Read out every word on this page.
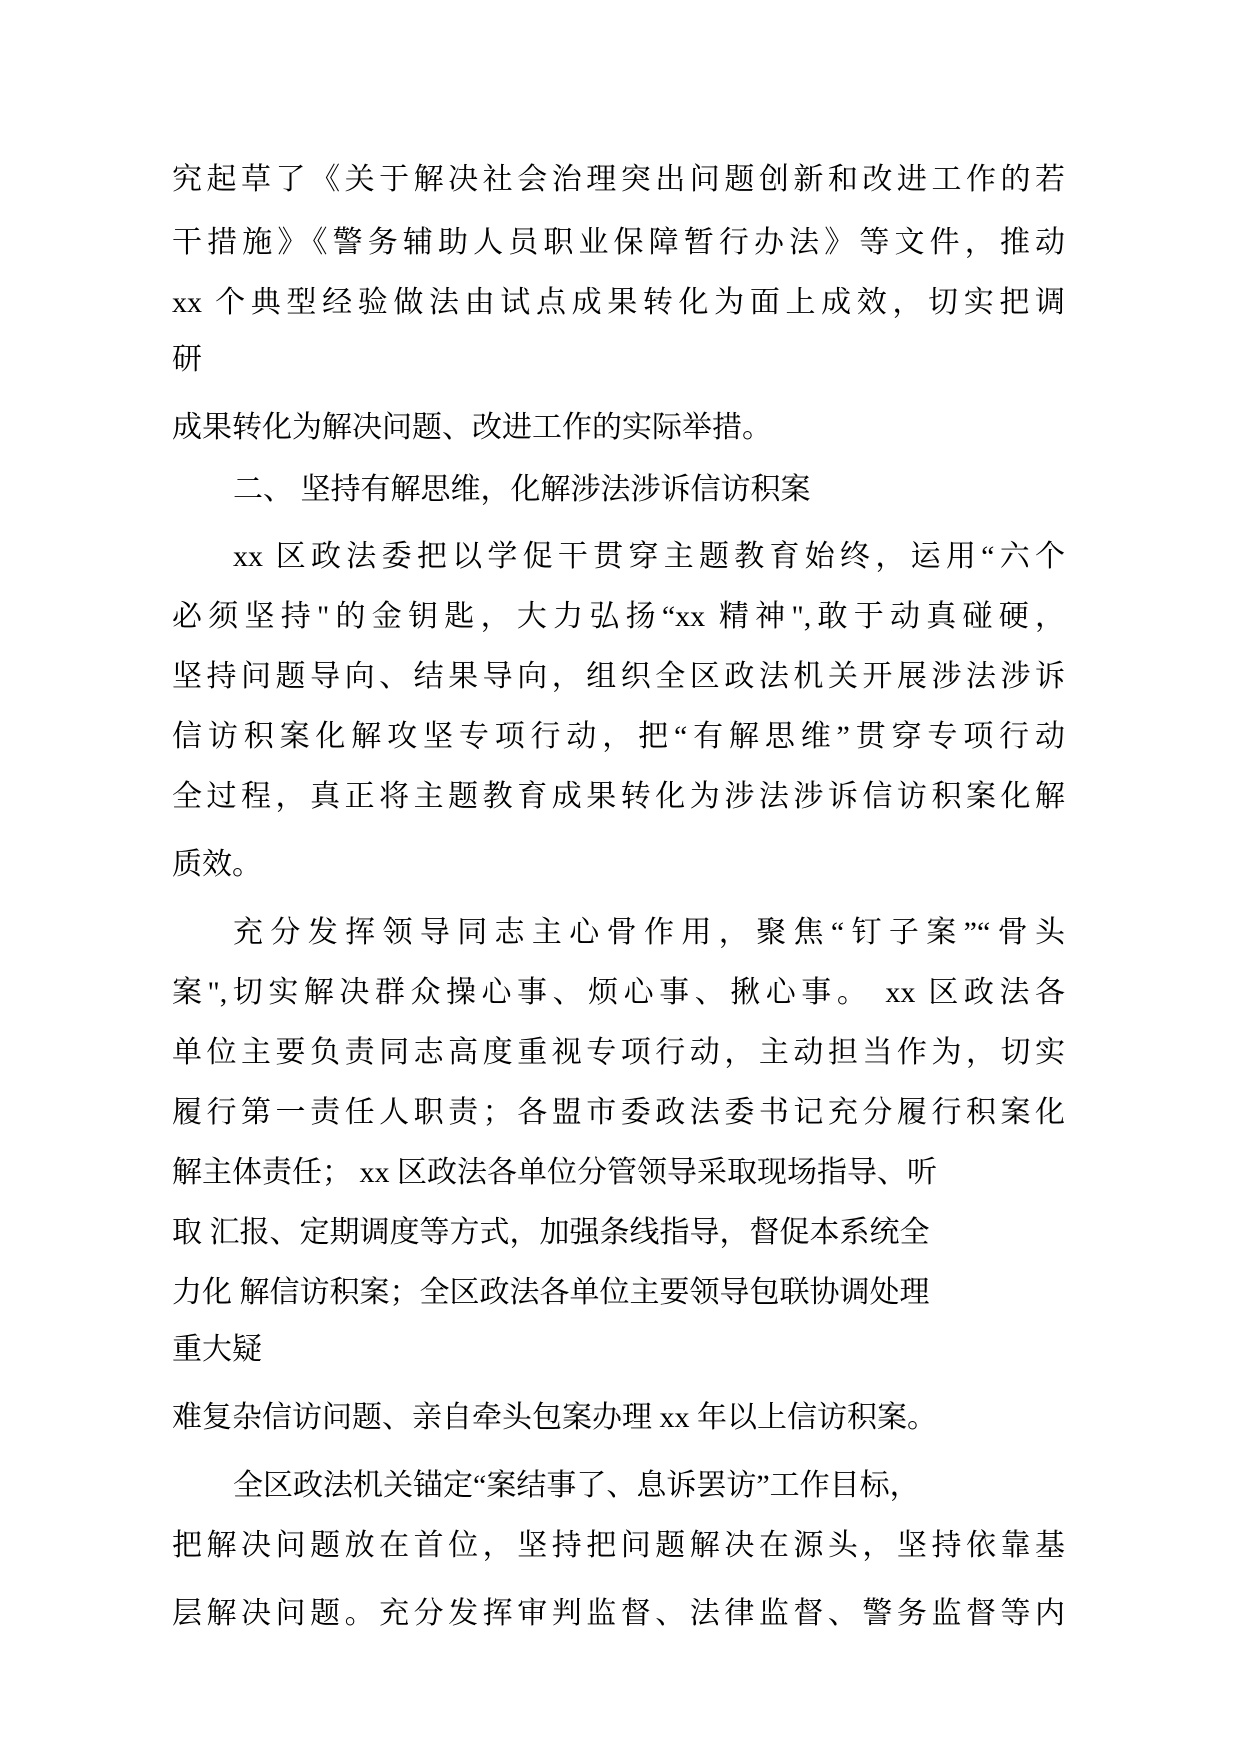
究起草了《关于解决社会治理突出问题创新和改进工作的若
干措施》《警务辅助人员职业保障暂行办法》等文件，推动
xx 个典型经验做法由试点成果转化为面上成效，切实把调
研
成果转化为解决问题、改进工作的实际举措。
二、 坚持有解思维，化解涉法涉诉信访积案
xx 区政法委把以学促干贯穿主题教育始终，运用“六个
必须坚持"的金钥匙，大力弘扬“xx 精神",敢于动真碰硬，
坚持问题导向、结果导向，组织全区政法机关开展涉法涉诉
信访积案化解攻坚专项行动，把“有解思维”贯穿专项行动
全过程，真正将主题教育成果转化为涉法涉诉信访积案化解
质效。
充分发挥领导同志主心骨作用，聚焦“钉子案”“骨头
案",切实解决群众操心事、烦心事、揪心事。 xx 区政法各
单位主要负责同志高度重视专项行动，主动担当作为，切实
履行第一责任人职责；各盟市委政法委书记充分履行积案化
解主体责任； xx 区政法各单位分管领导采取现场指导、听
取 汇报、定期调度等方式，加强条线指导，督促本系统全
力化 解信访积案；全区政法各单位主要领导包联协调处理
重大疑
难复杂信访问题、亲自牵头包案办理 xx 年以上信访积案。
全区政法机关锚定“案结事了、息诉罢访”工作目标，
把解决问题放在首位，坚持把问题解决在源头，坚持依靠基
层解决问题。充分发挥审判监督、法律监督、警务监督等内
